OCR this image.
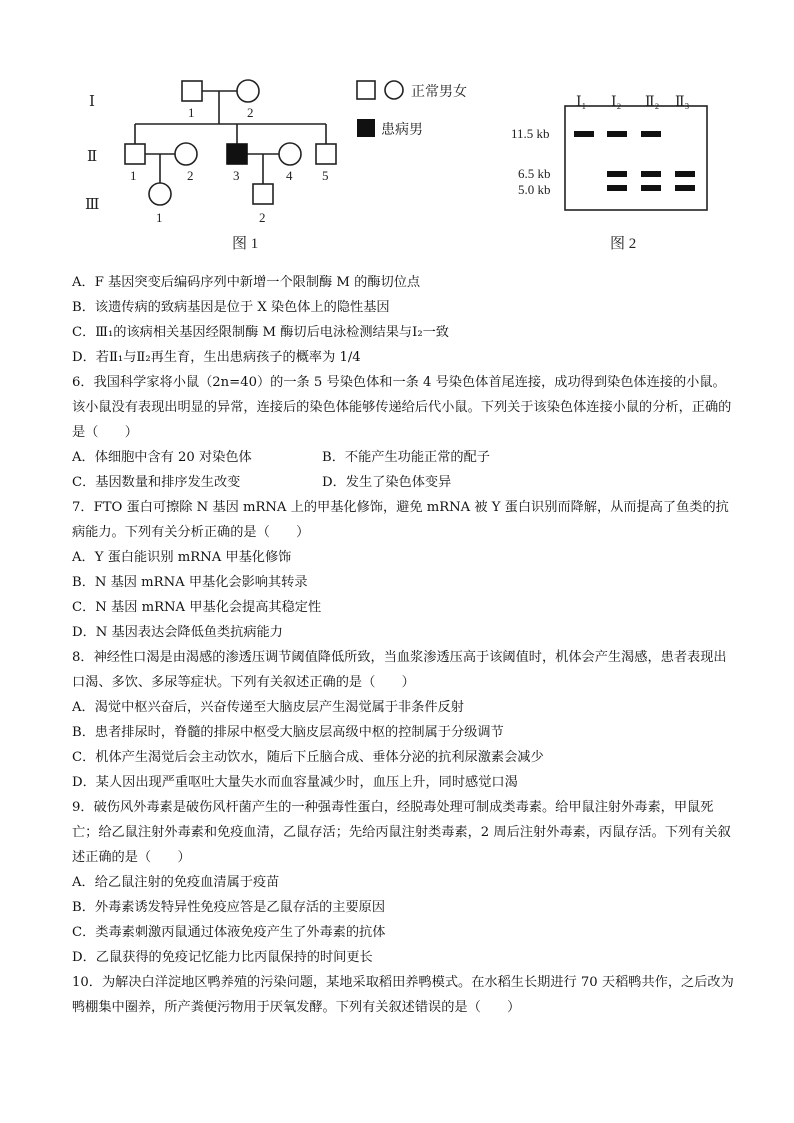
Ⅰ
Ⅱ
Ⅲ
1	2
1	2	3	4 5
1	2
图 1
正常男女
患病男
Ⅰ₁ Ⅰ₂ Ⅱ₂ Ⅱ₃
11.5 kb
6.5 kb
5.0 kb
图 2
A．F 基因突变后编码序列中新增一个限制酶 M 的酶切位点
B．该遗传病的致病基因是位于 X 染色体上的隐性基因
C．Ⅲ₁的该病相关基因经限制酶 M 酶切后电泳检测结果与Ⅰ₂一致
D．若Ⅱ₁与Ⅱ₂再生育，生出患病孩子的概率为 1/4
6．我国科学家将小鼠（2n=40）的一条 5 号染色体和一条 4 号染色体首尾连接，成功得到染色体连接的小鼠。该小鼠没有表现出明显的异常，连接后的染色体能够传递给后代小鼠。下列关于该染色体连接小鼠的分析，正确的是（　　）
A．体细胞中含有 20 对染色体	B．不能产生功能正常的配子
C．基因数量和排序发生改变	D．发生了染色体变异
7．FTO 蛋白可擦除 N 基因 mRNA 上的甲基化修饰，避免 mRNA 被 Y 蛋白识别而降解，从而提高了鱼类的抗病能力。下列有关分析正确的是（　　）
A．Y 蛋白能识别 mRNA 甲基化修饰
B．N 基因 mRNA 甲基化会影响其转录
C．N 基因 mRNA 甲基化会提高其稳定性
D．N 基因表达会降低鱼类抗病能力
8．神经性口渴是由渴感的渗透压调节阈值降低所致，当血浆渗透压高于该阈值时，机体会产生渴感，患者表现出口渴、多饮、多尿等症状。下列有关叙述正确的是（　　）
A．渴觉中枢兴奋后，兴奋传递至大脑皮层产生渴觉属于非条件反射
B．患者排尿时，脊髓的排尿中枢受大脑皮层高级中枢的控制属于分级调节
C．机体产生渴觉后会主动饮水，随后下丘脑合成、垂体分泌的抗利尿激素会减少
D．某人因出现严重呕吐大量失水而血容量减少时，血压上升，同时感觉口渴
9．破伤风外毒素是破伤风杆菌产生的一种强毒性蛋白，经脱毒处理可制成类毒素。给甲鼠注射外毒素，甲鼠死亡；给乙鼠注射外毒素和免疫血清，乙鼠存活；先给丙鼠注射类毒素，2 周后注射外毒素，丙鼠存活。下列有关叙述正确的是（　　）
A．给乙鼠注射的免疫血清属于疫苗
B．外毒素诱发特异性免疫应答是乙鼠存活的主要原因
C．类毒素刺激丙鼠通过体液免疫产生了外毒素的抗体
D．乙鼠获得的免疫记忆能力比丙鼠保持的时间更长
10．为解决白洋淀地区鸭养殖的污染问题，某地采取稻田养鸭模式。在水稻生长期进行 70 天稻鸭共作，之后改为鸭棚集中圈养，所产粪便污物用于厌氧发酵。下列有关叙述错误的是（　　）
